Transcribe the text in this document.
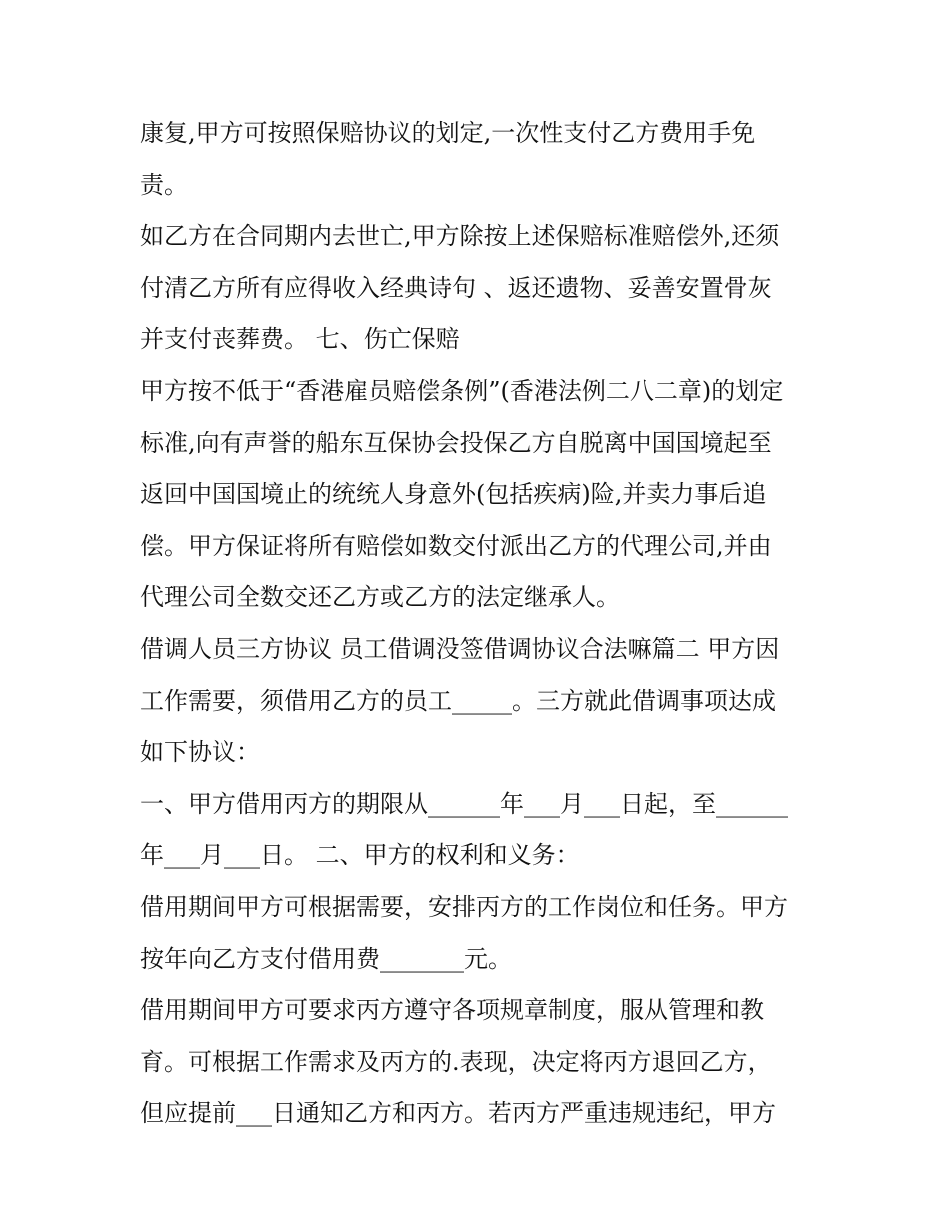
康复,甲方可按照保赔协议的划定,一次性支付乙方费用手免

责。

如乙方在合同期内去世亡,甲方除按上述保赔标准赔偿外,还须

付清乙方所有应得收入经典诗句 、返还遗物、妥善安置骨灰

并支付丧葬费。 七、伤亡保赔

甲方按不低于“香港雇员赔偿条例”(香港法例二八二章)的划定

标准,向有声誉的船东互保协会投保乙方自脱离中国国境起至

返回中国国境止的统统人身意外(包括疾病)险,并卖力事后追

偿。甲方保证将所有赔偿如数交付派出乙方的代理公司,并由

代理公司全数交还乙方或乙方的法定继承人。

借调人员三方协议 员工借调没签借调协议合法嘛篇二 甲方因

工作需要，须借用乙方的员工_____。三方就此借调事项达成

如下协议：

一、甲方借用丙方的期限从______年___月___日起，至______

年___月___日。 二、甲方的权利和义务：

借用期间甲方可根据需要，安排丙方的工作岗位和任务。甲方

按年向乙方支付借用费_______元。

借用期间甲方可要求丙方遵守各项规章制度，服从管理和教

育。可根据工作需求及丙方的.表现，决定将丙方退回乙方，

但应提前___日通知乙方和丙方。若丙方严重违规违纪，甲方
